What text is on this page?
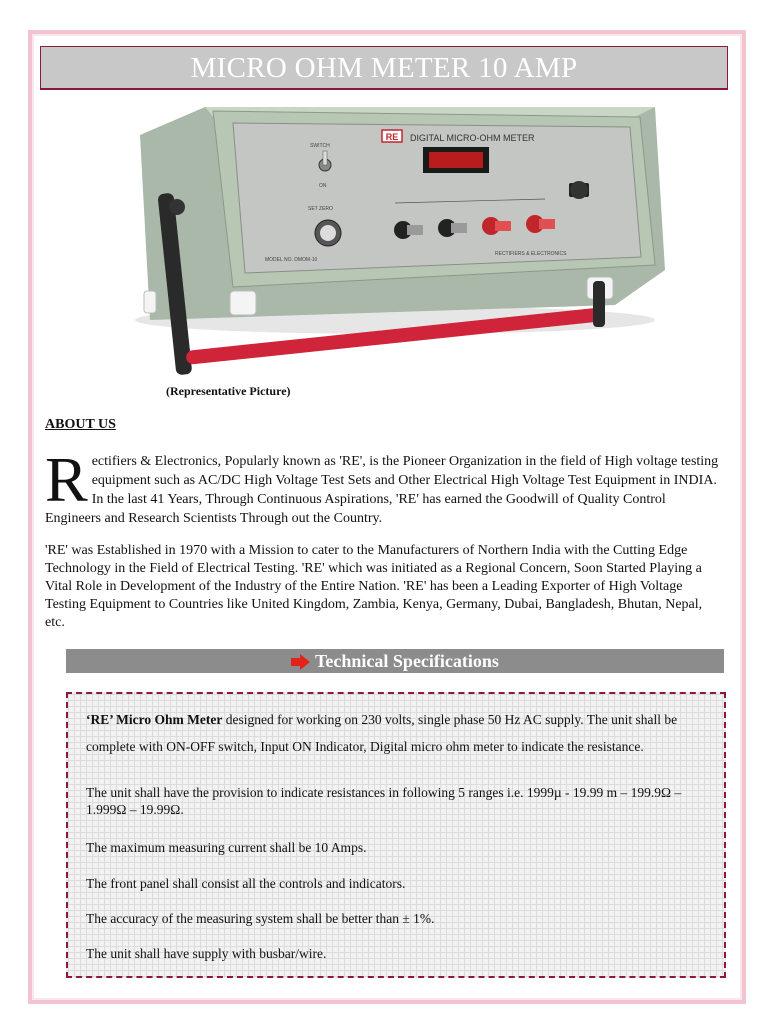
MICRO OHM METER 10 AMP
RE DIGITAL MICRO-OHM METER
SWITCH
ON
SET ZERO
MODEL NO. DMOM-10
RECTIFIERS & ELECTRONICS
(Representative Picture)
ABOUT US
Rectifiers & Electronics, Popularly known as 'RE', is the Pioneer Organization in the field of High voltage testing equipment such as AC/DC High Voltage Test Sets and Other Electrical High Voltage Test Equipment in INDIA. In the last 41 Years, Through Continuous Aspirations, 'RE' has earned the Goodwill of Quality Control Engineers and Research Scientists Through out the Country.
'RE' was Established in 1970 with a Mission to cater to the Manufacturers of Northern India with the Cutting Edge Technology in the Field of Electrical Testing. 'RE' which was initiated as a Regional Concern, Soon Started Playing a Vital Role in Development of the Industry of the Entire Nation. 'RE' has been a Leading Exporter of High Voltage Testing Equipment to Countries like United Kingdom, Zambia, Kenya, Germany, Dubai, Bangladesh, Bhutan, Nepal, etc.
Technical Specifications

‘RE’ Micro Ohm Meter designed for working on 230 volts, single phase 50 Hz AC supply. The unit shall be complete with ON-OFF switch, Input ON Indicator, Digital micro ohm meter to indicate the resistance.

The unit shall have the provision to indicate resistances in following 5 ranges i.e. 1999µ - 19.99 m – 199.9Ω – 1.999Ω – 19.99Ω.

The maximum measuring current shall be 10 Amps.

The front panel shall consist all the controls and indicators.

The accuracy of the measuring system shall be better than ± 1%.

The unit shall have supply with busbar/wire.
